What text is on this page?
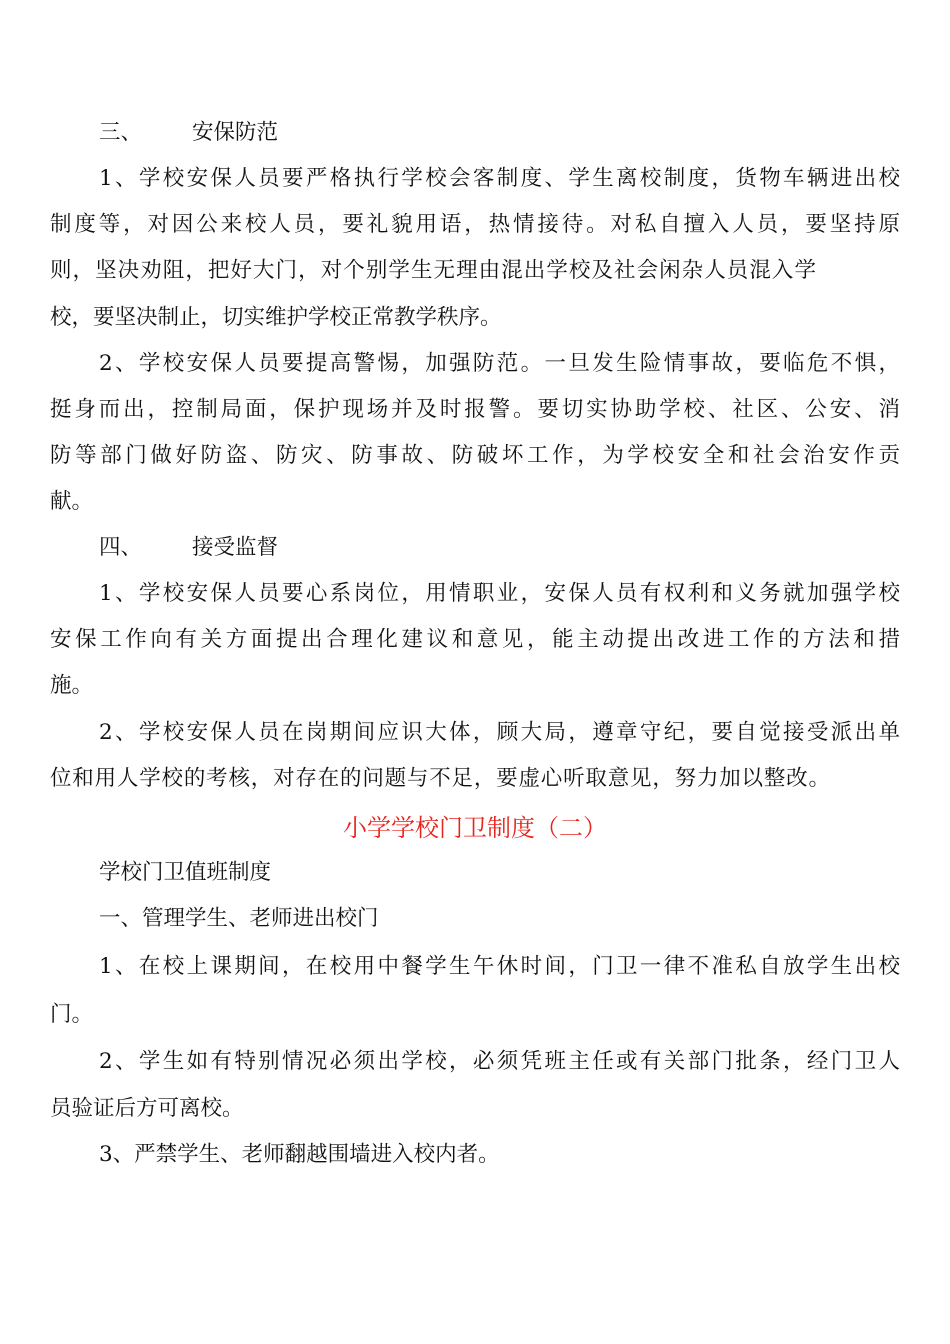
三、 安保防范
1、学校安保人员要严格执行学校会客制度、学生离校制度，货物车辆进出校
制度等，对因公来校人员，要礼貌用语，热情接待。对私自擅入人员，要坚持原
则，坚决劝阻，把好大门，对个别学生无理由混出学校及社会闲杂人员混入学
校，要坚决制止，切实维护学校正常教学秩序。
2、学校安保人员要提高警惕，加强防范。一旦发生险情事故，要临危不惧，
挺身而出，控制局面，保护现场并及时报警。要切实协助学校、社区、公安、消
防等部门做好防盗、防灾、防事故、防破坏工作，为学校安全和社会治安作贡
献。
四、 接受监督
1、学校安保人员要心系岗位，用情职业，安保人员有权利和义务就加强学校
安保工作向有关方面提出合理化建议和意见，能主动提出改进工作的方法和措
施。
2、学校安保人员在岗期间应识大体，顾大局，遵章守纪，要自觉接受派出单
位和用人学校的考核，对存在的问题与不足，要虚心听取意见，努力加以整改。
小学学校门卫制度（二）
学校门卫值班制度
一、管理学生、老师进出校门
1、在校上课期间，在校用中餐学生午休时间，门卫一律不准私自放学生出校
门。
2、学生如有特别情况必须出学校，必须凭班主任或有关部门批条，经门卫人
员验证后方可离校。
3、严禁学生、老师翻越围墙进入校内者。
